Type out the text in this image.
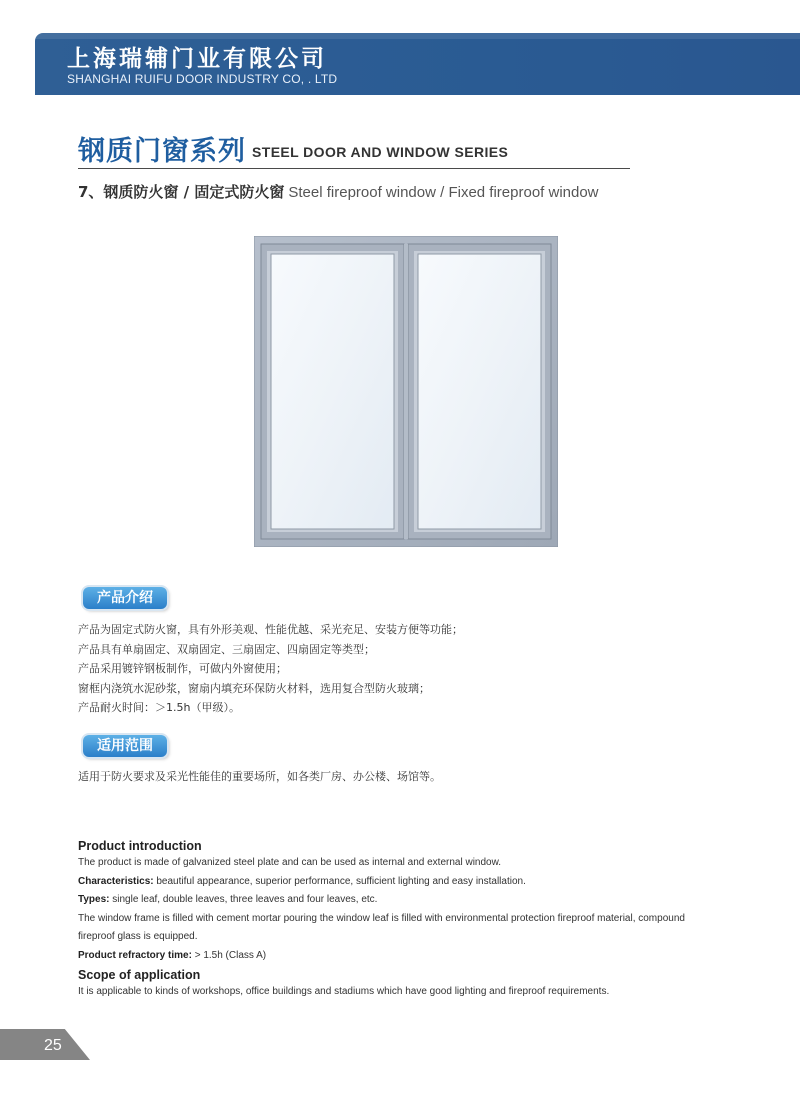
上海瑞辅门业有限公司
SHANGHAI RUIFU DOOR INDUSTRY CO, . LTD
钢质门窗系列 STEEL DOOR AND WINDOW SERIES
7、钢质防火窗 / 固定式防火窗 Steel fireproof window / Fixed fireproof window
产品介绍
产品为固定式防火窗，具有外形美观、性能优越、采光充足、安装方便等功能；
产品具有单扇固定、双扇固定、三扇固定、四扇固定等类型；
产品采用镀锌钢板制作，可做内外窗使用；
窗框内浇筑水泥砂浆，窗扇内填充环保防火材料，选用复合型防火玻璃；
产品耐火时间：＞1.5h（甲级）。
适用范围
适用于防火要求及采光性能佳的重要场所，如各类厂房、办公楼、场馆等。

Product introduction

The product is made of galvanized steel plate and can be used as internal and external window.

Characteristics: beautiful appearance, superior performance, sufficient lighting and easy installation.

Types: single leaf, double leaves, three leaves and four leaves, etc.

The window frame is filled with cement mortar pouring the window leaf is filled with environmental protection fireproof material, compound

fireproof glass is equipped.

Product refractory time: > 1.5h (Class A)

Scope of application

It is applicable to kinds of workshops, office buildings and stadiums which have good lighting and fireproof requirements.

25
